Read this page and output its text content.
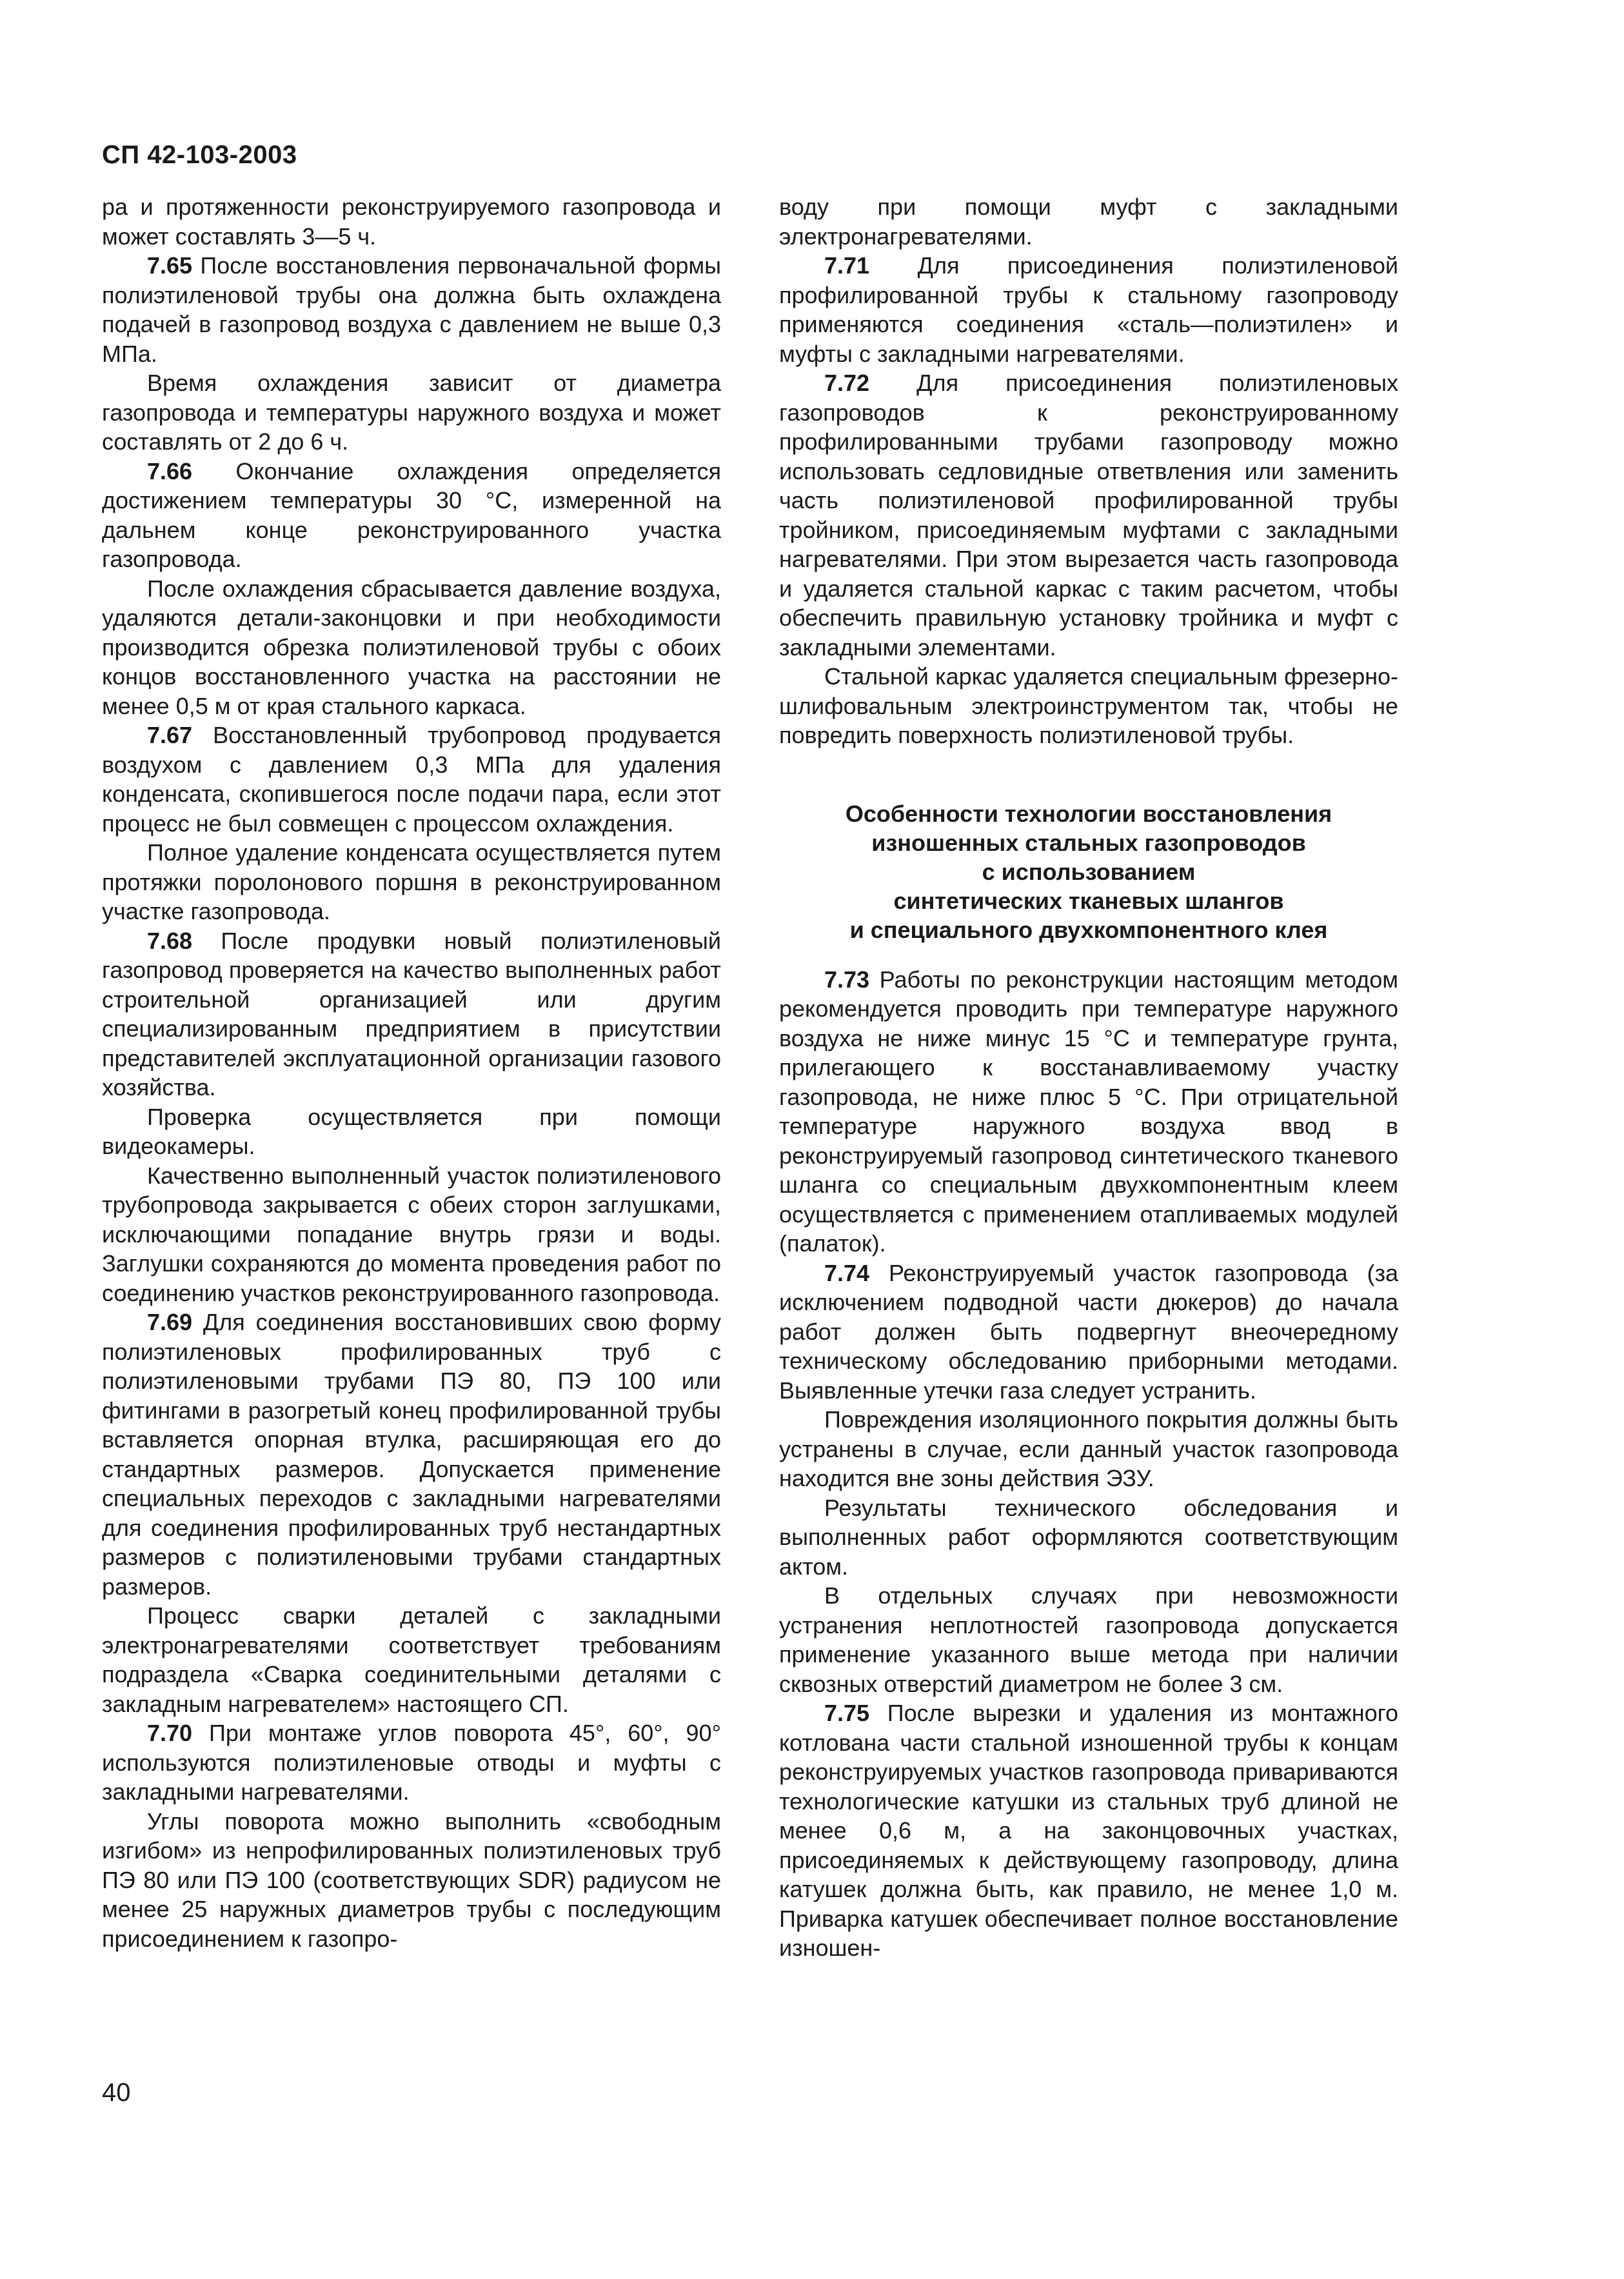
СП 42-103-2003

ра и протяженности реконструируемого газопровода и может составлять 3—5 ч.

7.65 После восстановления первоначальной формы полиэтиленовой трубы она должна быть охлаждена подачей в газопровод воздуха с давлением не выше 0,3 МПа.

Время охлаждения зависит от диаметра газопровода и температуры наружного воздуха и может составлять от 2 до 6 ч.

7.66 Окончание охлаждения определяется достижением температуры 30 °С, измеренной на дальнем конце реконструированного участка газопровода.

После охлаждения сбрасывается давление воздуха, удаляются детали-законцовки и при необходимости производится обрезка полиэтиленовой трубы с обоих концов восстановленного участка на расстоянии не менее 0,5 м от края стального каркаса.

7.67 Восстановленный трубопровод продувается воздухом с давлением 0,3 МПа для удаления конденсата, скопившегося после подачи пара, если этот процесс не был совмещен с процессом охлаждения.

Полное удаление конденсата осуществляется путем протяжки поролонового поршня в реконструированном участке газопровода.

7.68 После продувки новый полиэтиленовый газопровод проверяется на качество выполненных работ строительной организацией или другим специализированным предприятием в присутствии представителей эксплуатационной организации газового хозяйства.

Проверка осуществляется при помощи видеокамеры.

Качественно выполненный участок полиэтиленового трубопровода закрывается с обеих сторон заглушками, исключающими попадание внутрь грязи и воды. Заглушки сохраняются до момента проведения работ по соединению участков реконструированного газопровода.

7.69 Для соединения восстановивших свою форму полиэтиленовых профилированных труб с полиэтиленовыми трубами ПЭ 80, ПЭ 100 или фитингами в разогретый конец профилированной трубы вставляется опорная втулка, расширяющая его до стандартных размеров. Допускается применение специальных переходов с закладными нагревателями для соединения профилированных труб нестандартных размеров с полиэтиленовыми трубами стандартных размеров.

Процесс сварки деталей с закладными электронагревателями соответствует требованиям подраздела «Сварка соединительными деталями с закладным нагревателем» настоящего СП.

7.70 При монтаже углов поворота 45°, 60°, 90° используются полиэтиленовые отводы и муфты с закладными нагревателями.

Углы поворота можно выполнить «свободным изгибом» из непрофилированных полиэтиленовых труб ПЭ 80 или ПЭ 100 (соответствующих SDR) радиусом не менее 25 наружных диаметров трубы с последующим присоединением к газопро-

воду при помощи муфт с закладными электронагревателями.

7.71 Для присоединения полиэтиленовой профилированной трубы к стальному газопроводу применяются соединения «сталь—полиэтилен» и муфты с закладными нагревателями.

7.72 Для присоединения полиэтиленовых газопроводов к реконструированному профилированными трубами газопроводу можно использовать седловидные ответвления или заменить часть полиэтиленовой профилированной трубы тройником, присоединяемым муфтами с закладными нагревателями. При этом вырезается часть газопровода и удаляется стальной каркас с таким расчетом, чтобы обеспечить правильную установку тройника и муфт с закладными элементами.

Стальной каркас удаляется специальным фрезерно-шлифовальным электроинструментом так, чтобы не повредить поверхность полиэтиленовой трубы.

Особенности технологии восстановления
изношенных стальных газопроводов
с использованием
синтетических тканевых шлангов
и специального двухкомпонентного клея

7.73 Работы по реконструкции настоящим методом рекомендуется проводить при температуре наружного воздуха не ниже минус 15 °С и температуре грунта, прилегающего к восстанавливаемому участку газопровода, не ниже плюс 5 °С. При отрицательной температуре наружного воздуха ввод в реконструируемый газопровод синтетического тканевого шланга со специальным двухкомпонентным клеем осуществляется с применением отапливаемых модулей (палаток).

7.74 Реконструируемый участок газопровода (за исключением подводной части дюкеров) до начала работ должен быть подвергнут внеочередному техническому обследованию приборными методами. Выявленные утечки газа следует устранить.

Повреждения изоляционного покрытия должны быть устранены в случае, если данный участок газопровода находится вне зоны действия ЭЗУ.

Результаты технического обследования и выполненных работ оформляются соответствующим актом.

В отдельных случаях при невозможности устранения неплотностей газопровода допускается применение указанного выше метода при наличии сквозных отверстий диаметром не более 3 см.

7.75 После вырезки и удаления из монтажного котлована части стальной изношенной трубы к концам реконструируемых участков газопровода привариваются технологические катушки из стальных труб длиной не менее 0,6 м, а на законцовочных участках, присоединяемых к действующему газопроводу, длина катушек должна быть, как правило, не менее 1,0 м. Приварка катушек обеспечивает полное восстановление изношен-

40
